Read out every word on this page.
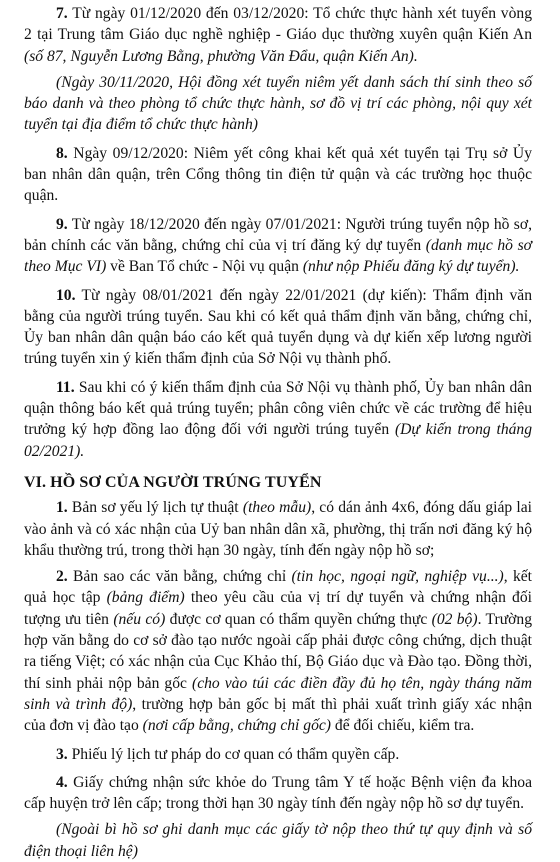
7. Từ ngày 01/12/2020 đến 03/12/2020: Tổ chức thực hành xét tuyển vòng 2 tại Trung tâm Giáo dục nghề nghiệp - Giáo dục thường xuyên quận Kiến An (số 87, Nguyễn Lương Bằng, phường Văn Đẩu, quận Kiến An).

(Ngày 30/11/2020, Hội đồng xét tuyển niêm yết danh sách thí sinh theo số báo danh và theo phòng tổ chức thực hành, sơ đồ vị trí các phòng, nội quy xét tuyển tại địa điểm tổ chức thực hành)

8. Ngày 09/12/2020: Niêm yết công khai kết quả xét tuyển tại Trụ sở Ủy ban nhân dân quận, trên Cổng thông tin điện tử quận và các trường học thuộc quận.

9. Từ ngày 18/12/2020 đến ngày 07/01/2021: Người trúng tuyển nộp hồ sơ, bản chính các văn bằng, chứng chỉ của vị trí đăng ký dự tuyển (danh mục hồ sơ theo Mục VI) về Ban Tổ chức - Nội vụ quận (như nộp Phiếu đăng ký dự tuyển).

10. Từ ngày 08/01/2021 đến ngày 22/01/2021 (dự kiến): Thẩm định văn bằng của người trúng tuyển. Sau khi có kết quả thẩm định văn bằng, chứng chỉ, Ủy ban nhân dân quận báo cáo kết quả tuyển dụng và dự kiến xếp lương người trúng tuyển xin ý kiến thẩm định của Sở Nội vụ thành phố.

11. Sau khi có ý kiến thẩm định của Sở Nội vụ thành phố, Ủy ban nhân dân quận thông báo kết quả trúng tuyển; phân công viên chức về các trường để hiệu trưởng ký hợp đồng lao động đối với người trúng tuyển (Dự kiến trong tháng 02/2021).

VI. HỒ SƠ CỦA NGƯỜI TRÚNG TUYỂN

1. Bản sơ yếu lý lịch tự thuật (theo mẫu), có dán ảnh 4x6, đóng dấu giáp lai vào ảnh và có xác nhận của Uỷ ban nhân dân xã, phường, thị trấn nơi đăng ký hộ khẩu thường trú, trong thời hạn 30 ngày, tính đến ngày nộp hồ sơ;

2. Bản sao các văn bằng, chứng chỉ (tin học, ngoại ngữ, nghiệp vụ...), kết quả học tập (bảng điểm) theo yêu cầu của vị trí dự tuyển và chứng nhận đối tượng ưu tiên (nếu có) được cơ quan có thẩm quyền chứng thực (02 bộ). Trường hợp văn bằng do cơ sở đào tạo nước ngoài cấp phải được công chứng, dịch thuật ra tiếng Việt; có xác nhận của Cục Khảo thí, Bộ Giáo dục và Đào tạo. Đồng thời, thí sinh phải nộp bản gốc (cho vào túi các điền đầy đủ họ tên, ngày tháng năm sinh và trình độ), trường hợp bản gốc bị mất thì phải xuất trình giấy xác nhận của đơn vị đào tạo (nơi cấp bằng, chứng chỉ gốc) để đối chiếu, kiểm tra.

3. Phiếu lý lịch tư pháp do cơ quan có thẩm quyền cấp.

4. Giấy chứng nhận sức khỏe do Trung tâm Y tế hoặc Bệnh viện đa khoa cấp huyện trở lên cấp; trong thời hạn 30 ngày tính đến ngày nộp hồ sơ dự tuyển.

(Ngoài bì hồ sơ ghi danh mục các giấy tờ nộp theo thứ tự quy định và số điện thoại liên hệ)
